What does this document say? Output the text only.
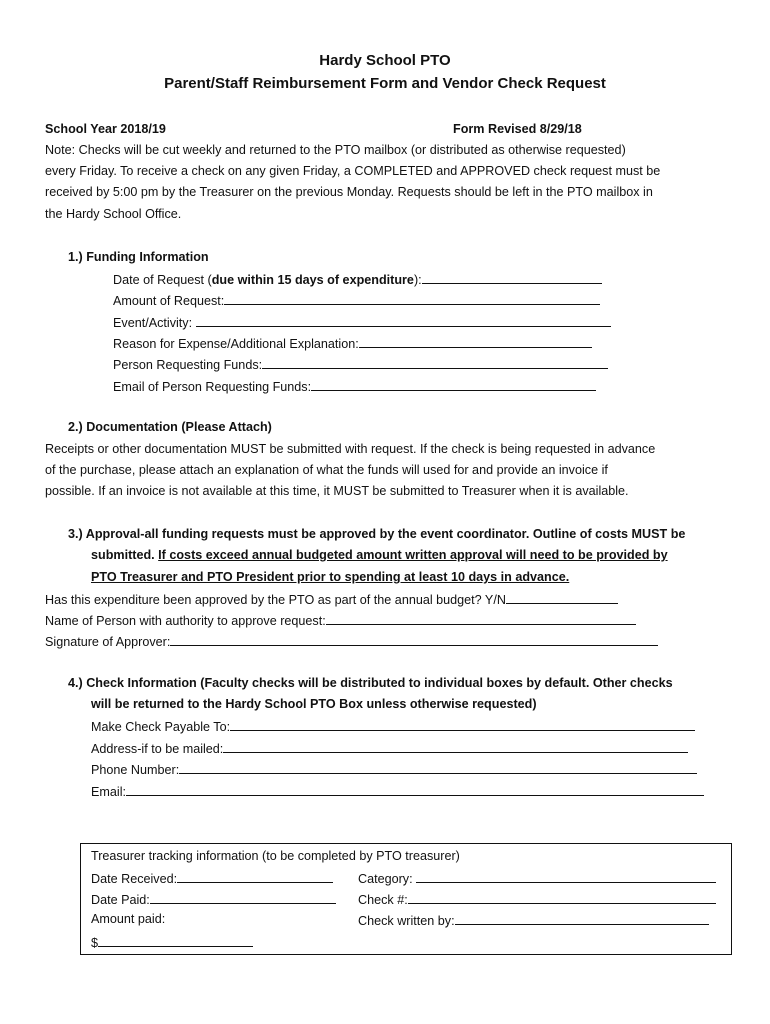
Hardy School PTO
Parent/Staff Reimbursement Form and Vendor Check Request
School Year 2018/19	Form Revised 8/29/18
Note: Checks will be cut weekly and returned to the PTO mailbox (or distributed as otherwise requested)
every Friday. To receive a check on any given Friday, a COMPLETED and APPROVED check request must be
received by 5:00 pm by the Treasurer on the previous Monday. Requests should be left in the PTO mailbox in
the Hardy School Office.
1.) Funding Information
Date of Request (due within 15 days of expenditure):
Amount of Request:
Event/Activity:
Reason for Expense/Additional Explanation:
Person Requesting Funds:
Email of Person Requesting Funds:
2.) Documentation (Please Attach)
Receipts or other documentation MUST be submitted with request. If the check is being requested in advance
of the purchase, please attach an explanation of what the funds will used for and provide an invoice if
possible. If an invoice is not available at this time, it MUST be submitted to Treasurer when it is available.
3.) Approval-all funding requests must be approved by the event coordinator. Outline of costs MUST be
submitted. If costs exceed annual budgeted amount written approval will need to be provided by
PTO Treasurer and PTO President prior to spending at least 10 days in advance.
Has this expenditure been approved by the PTO as part of the annual budget? Y/N
Name of Person with authority to approve request:
Signature of Approver:
4.) Check Information (Faculty checks will be distributed to individual boxes by default. Other checks
will be returned to the Hardy School PTO Box unless otherwise requested)
Make Check Payable To:
Address-if to be mailed:
Phone Number:
Email:
Treasurer tracking information (to be completed by PTO treasurer)
Date Received:
Date Paid:
Amount paid:
$
Category:
Check #:
Check written by:
